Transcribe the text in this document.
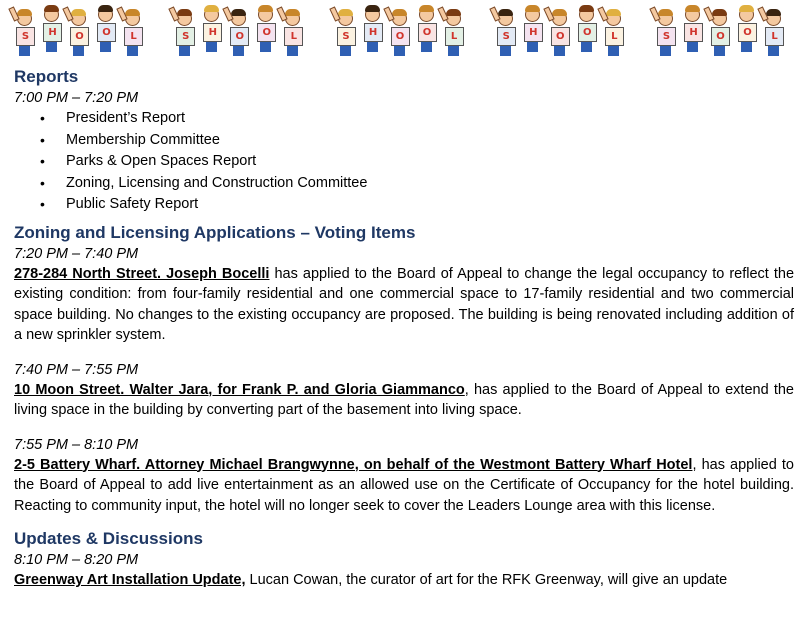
S	H	O	O	L	S	H	O	O	L	S	H	O	O	L	S	H	O	O	L	S	H	O	O	L
Reports

7:00 PM – 7:20 PM

• President’s Report
• Membership Committee
• Parks & Open Spaces Report
• Zoning, Licensing and Construction Committee
• Public Safety Report
Zoning and Licensing Applications – Voting Items

7:20 PM – 7:40 PM

278-284 North Street. Joseph Bocelli has applied to the Board of Appeal to change the legal occupancy to reflect the existing condition: from four-family residential and one commercial space to 17-family residential and two commercial space building. No changes to the existing occupancy are proposed. The building is being renovated including addition of a new sprinkler system.

7:40 PM – 7:55 PM

10 Moon Street. Walter Jara, for Frank P. and Gloria Giammanco, has applied to the Board of Appeal to extend the living space in the building by converting part of the basement into living space.

7:55 PM – 8:10 PM

2-5 Battery Wharf. Attorney Michael Brangwynne, on behalf of the Westmont Battery Wharf Hotel, has applied to the Board of Appeal to add live entertainment as an allowed use on the Certificate of Occupancy for the hotel building. Reacting to community input, the hotel will no longer seek to cover the Leaders Lounge area with this license.

Updates & Discussions

8:10 PM – 8:20 PM

Greenway Art Installation Update, Lucan Cowan, the curator of art for the RFK Greenway, will give an update
